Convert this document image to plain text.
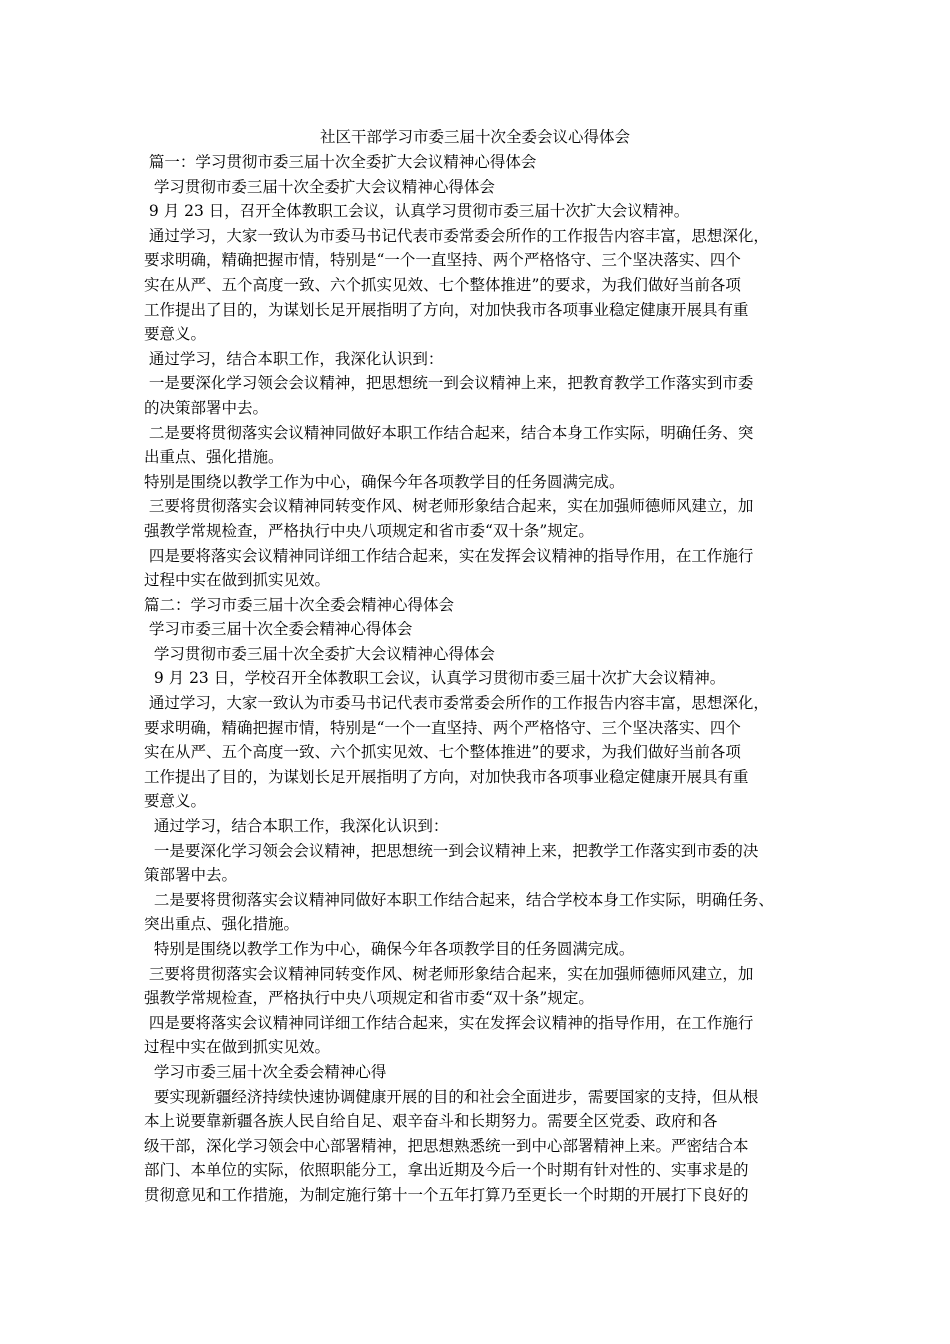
社区干部学习市委三届十次全委会议心得体会
篇一：学习贯彻市委三届十次全委扩大会议精神心得体会
学习贯彻市委三届十次全委扩大会议精神心得体会
9 月 23 日，召开全体教职工会议，认真学习贯彻市委三届十次扩大会议精神。
通过学习，大家一致认为市委马书记代表市委常委会所作的工作报告内容丰富，思想深化，
要求明确，精确把握市情，特别是“一个一直坚持、两个严格恪守、三个坚决落实、四个
实在从严、五个高度一致、六个抓实见效、七个整体推进”的要求，为我们做好当前各项
工作提出了目的，为谋划长足开展指明了方向，对加快我市各项事业稳定健康开展具有重
要意义。
通过学习，结合本职工作，我深化认识到：
一是要深化学习领会会议精神，把思想统一到会议精神上来，把教育教学工作落实到市委
的决策部署中去。
二是要将贯彻落实会议精神同做好本职工作结合起来，结合本身工作实际，明确任务、突
出重点、强化措施。
特别是围绕以教学工作为中心，确保今年各项教学目的任务圆满完成。
三要将贯彻落实会议精神同转变作风、树老师形象结合起来，实在加强师德师风建立，加
强教学常规检查，严格执行中央八项规定和省市委“双十条”规定。
四是要将落实会议精神同详细工作结合起来，实在发挥会议精神的指导作用，在工作施行
过程中实在做到抓实见效。
篇二：学习市委三届十次全委会精神心得体会
学习市委三届十次全委会精神心得体会
学习贯彻市委三届十次全委扩大会议精神心得体会
9 月 23 日，学校召开全体教职工会议，认真学习贯彻市委三届十次扩大会议精神。
通过学习，大家一致认为市委马书记代表市委常委会所作的工作报告内容丰富，思想深化，
要求明确，精确把握市情，特别是“一个一直坚持、两个严格恪守、三个坚决落实、四个
实在从严、五个高度一致、六个抓实见效、七个整体推进”的要求，为我们做好当前各项
工作提出了目的，为谋划长足开展指明了方向，对加快我市各项事业稳定健康开展具有重
要意义。
通过学习，结合本职工作，我深化认识到：
一是要深化学习领会会议精神，把思想统一到会议精神上来，把教学工作落实到市委的决
策部署中去。
二是要将贯彻落实会议精神同做好本职工作结合起来，结合学校本身工作实际，明确任务、
突出重点、强化措施。
特别是围绕以教学工作为中心，确保今年各项教学目的任务圆满完成。
三要将贯彻落实会议精神同转变作风、树老师形象结合起来，实在加强师德师风建立，加
强教学常规检查，严格执行中央八项规定和省市委“双十条”规定。
四是要将落实会议精神同详细工作结合起来，实在发挥会议精神的指导作用，在工作施行
过程中实在做到抓实见效。
学习市委三届十次全委会精神心得
要实现新疆经济持续快速协调健康开展的目的和社会全面进步，需要国家的支持，但从根
本上说要靠新疆各族人民自给自足、艰辛奋斗和长期努力。需要全区党委、政府和各
级干部，深化学习领会中心部署精神，把思想熟悉统一到中心部署精神上来。严密结合本
部门、本单位的实际，依照职能分工，拿出近期及今后一个时期有针对性的、实事求是的
贯彻意见和工作措施，为制定施行第十一个五年打算乃至更长一个时期的开展打下良好的
